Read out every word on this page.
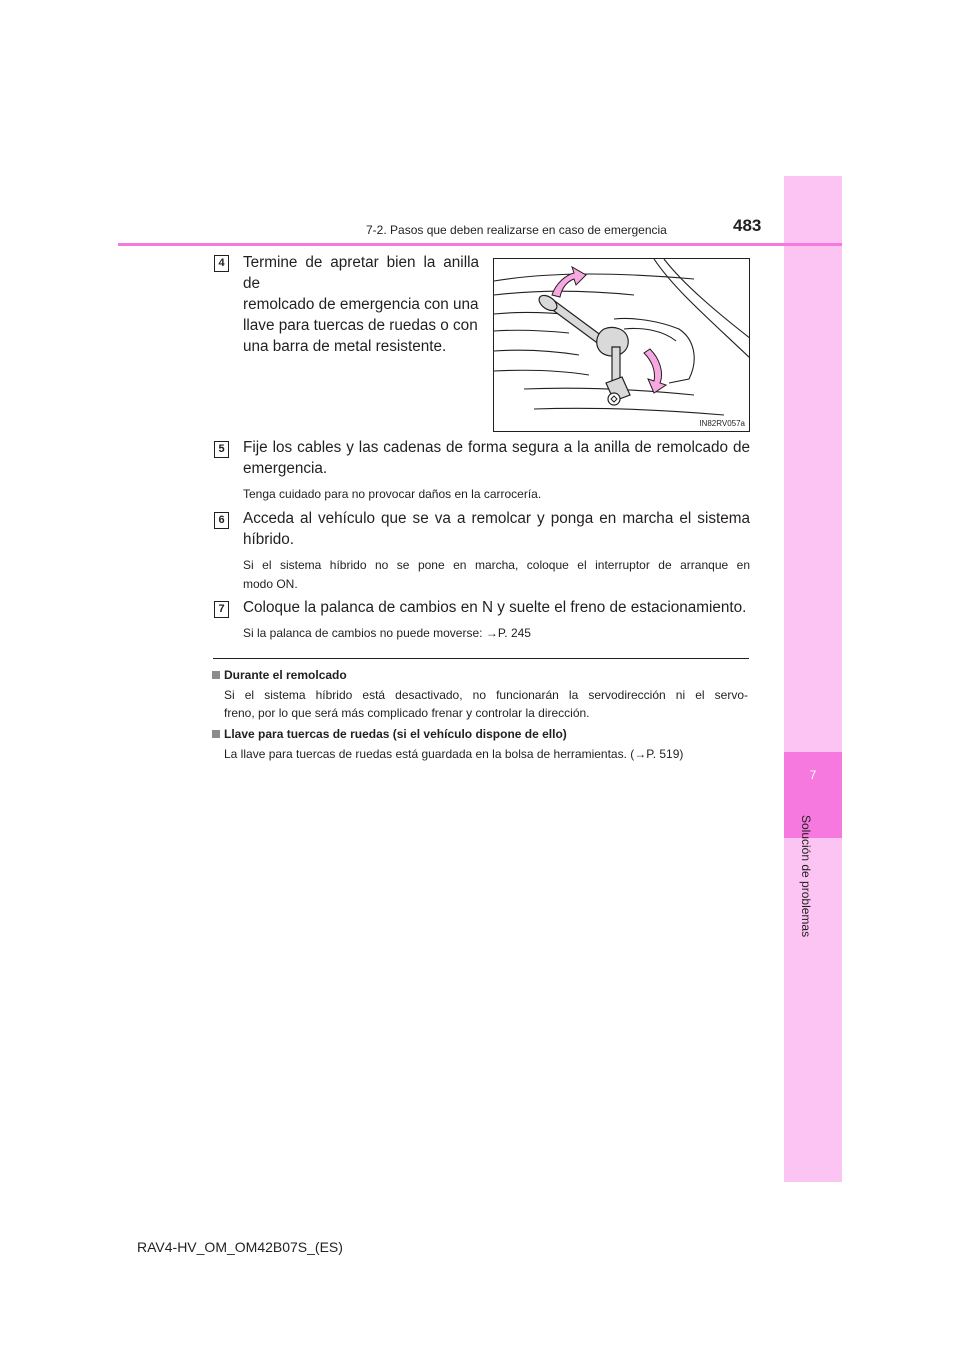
7
Solución de problemas
7-2. Pasos que deben realizarse en caso de emergencia	483
4 Termine de apretar bien la anilla de
remolcado de emergencia con una
llave para tuercas de ruedas o con
una barra de metal resistente.
IN82RV057a
5 Fije los cables y las cadenas de forma segura a la anilla de remolcado de
emergencia.
Tenga cuidado para no provocar daños en la carrocería.
6 Acceda al vehículo que se va a remolcar y ponga en marcha el sistema
híbrido.
Si el sistema híbrido no se pone en marcha, coloque el interruptor de arranque en
modo ON.
7 Coloque la palanca de cambios en N y suelte el freno de estacionamiento.
Si la palanca de cambios no puede moverse: →P. 245
Durante el remolcado
Si el sistema híbrido está desactivado, no funcionarán la servodirección ni el servo-
freno, por lo que será más complicado frenar y controlar la dirección.
Llave para tuercas de ruedas (si el vehículo dispone de ello)
La llave para tuercas de ruedas está guardada en la bolsa de herramientas. (→P. 519)
RAV4-HV_OM_OM42B07S_(ES)
